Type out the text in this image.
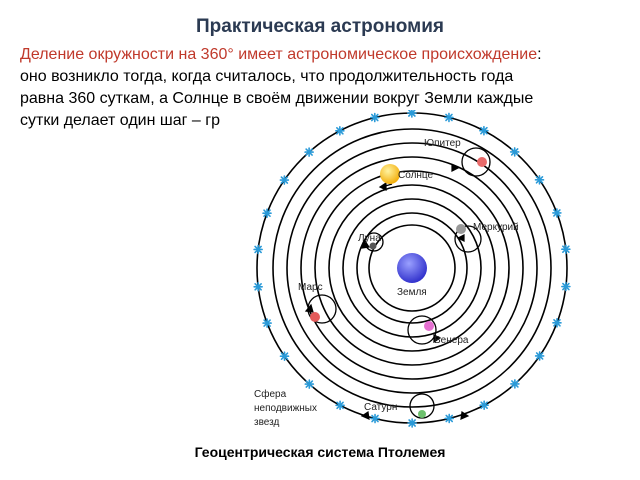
Практическая астрономия
Деление окружности на 360° имеет астрономическое происхождение:
оно возникло тогда, когда считалось, что продолжительность года
равна 360 суткам, а Солнце в своём движении вокруг Земли каждые
сутки делает один шаг – гр
Юпитер
Солнце
Меркурий
Луна
Марс	Земля
Венера
Сфера
неподвижных
звезд
Сатурн
Геоцентрическая система Птолемея
